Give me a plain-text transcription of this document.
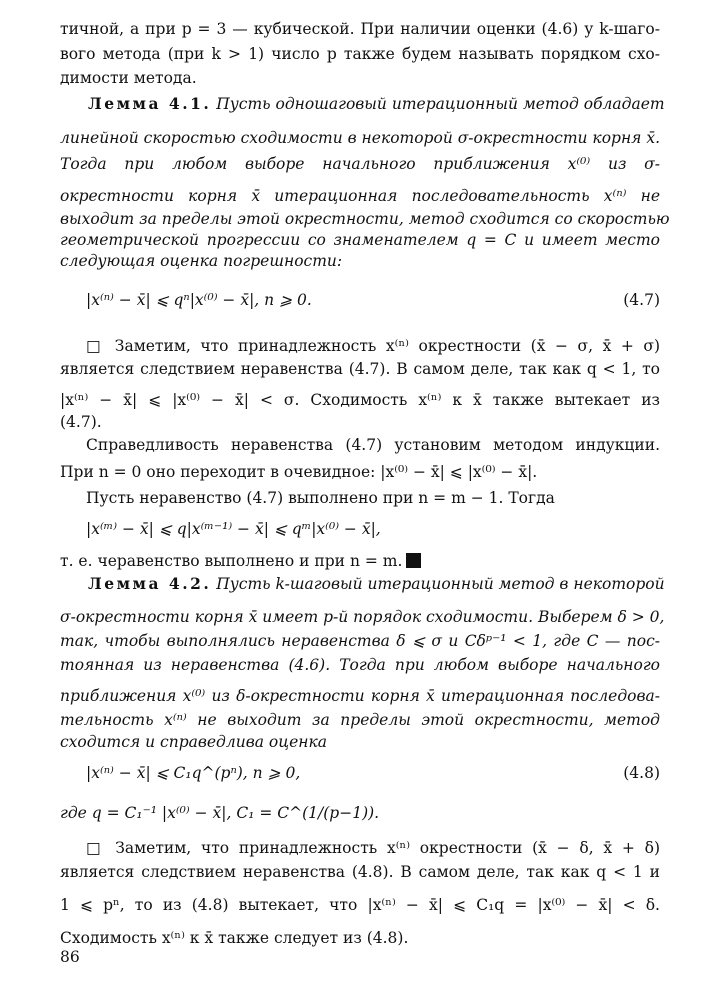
тичной, а при p = 3 — кубической. При наличии оценки (4.6) у k-шаго-
вого метода (при k > 1) число p также будем называть порядком схо-
димости метода.
Лемма 4.1. Пусть одношаговый итерационный метод обладает
линейной скоростью сходимости в некоторой σ-окрестности корня x̄.
Тогда при любом выборе начального приближения x⁽⁰⁾ из σ-
окрестности корня x̄ итерационная последовательность x⁽ⁿ⁾ не
выходит за пределы этой окрестности, метод сходится со скоростью
геометрической прогрессии со знаменателем q = C и имеет место
следующая оценка погрешности:
|x⁽ⁿ⁾ − x̄| ⩽ qⁿ|x⁽⁰⁾ − x̄|, n ⩾ 0.	(4.7)
□ Заметим, что принадлежность x⁽ⁿ⁾ окрестности (x̄ − σ, x̄ + σ)
является следствием неравенства (4.7). В самом деле, так как q < 1, то
|x⁽ⁿ⁾ − x̄| ⩽ |x⁽⁰⁾ − x̄| < σ. Сходимость x⁽ⁿ⁾ к x̄ также вытекает из
(4.7).
Справедливость неравенства (4.7) установим методом индукции.
При n = 0 оно переходит в очевидное: |x⁽⁰⁾ − x̄| ⩽ |x⁽⁰⁾ − x̄|.
Пусть неравенство (4.7) выполнено при n = m − 1. Тогда
|x⁽ᵐ⁾ − x̄| ⩽ q|x⁽ᵐ⁻¹⁾ − x̄| ⩽ qᵐ|x⁽⁰⁾ − x̄|,
т. е. черавенство выполнено и при n = m.
Лемма 4.2. Пусть k-шаговый итерационный метод в некоторой
σ-окрестности корня x̄ имеет p-й порядок сходимости. Выберем δ > 0,
так, чтобы выполнялись неравенства δ ⩽ σ и Cδᵖ⁻¹ < 1, где C — пос-
тоянная из неравенства (4.6). Тогда при любом выборе начального
приближения x⁽⁰⁾ из δ-окрестности корня x̄ итерационная последова-
тельность x⁽ⁿ⁾ не выходит за пределы этой окрестности, метод
сходится и справедлива оценка
|x⁽ⁿ⁾ − x̄| ⩽ C₁q^(pⁿ), n ⩾ 0,	(4.8)
где q = C₁⁻¹ |x⁽⁰⁾ − x̄|, C₁ = C^(1/(p−1)).
□ Заметим, что принадлежность x⁽ⁿ⁾ окрестности (x̄ − δ, x̄ + δ)
является следствием неравенства (4.8). В самом деле, так как q < 1 и
1 ⩽ pⁿ, то из (4.8) вытекает, что |x⁽ⁿ⁾ − x̄| ⩽ C₁q = |x⁽⁰⁾ − x̄| < δ.
Сходимость x⁽ⁿ⁾ к x̄ также следует из (4.8).
86
